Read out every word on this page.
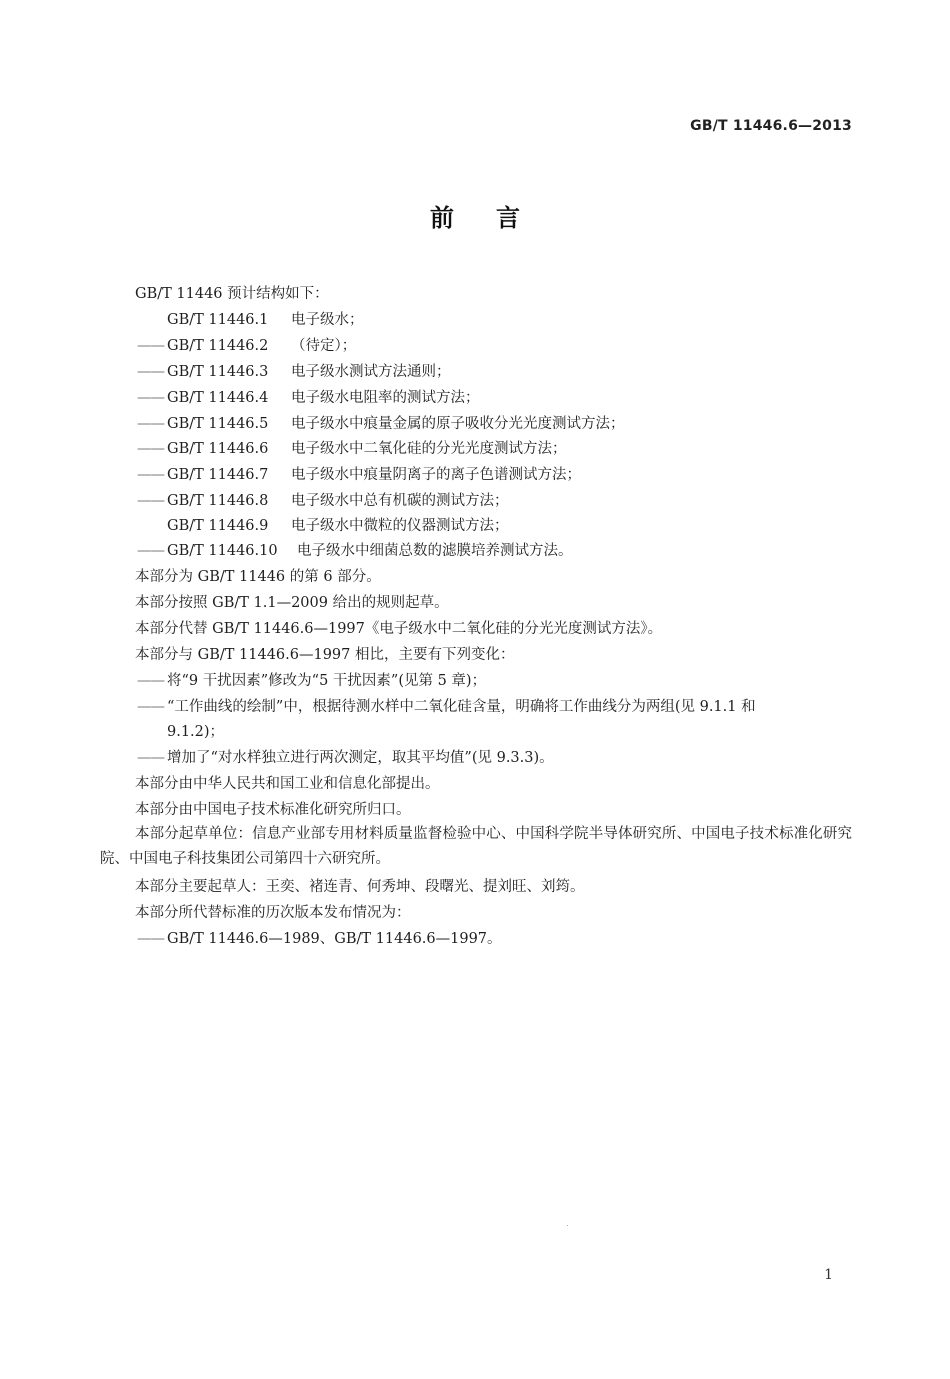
GB/T 11446.6—2013
前言
GB/T 11446 预计结构如下：
GB/T 11446.1 电子级水；
—— GB/T 11446.2 （待定）；
—— GB/T 11446.3 电子级水测试方法通则；
—— GB/T 11446.4 电子级水电阻率的测试方法；
—— GB/T 11446.5 电子级水中痕量金属的原子吸收分光光度测试方法；
—— GB/T 11446.6 电子级水中二氧化硅的分光光度测试方法；
—— GB/T 11446.7 电子级水中痕量阴离子的离子色谱测试方法；
—— GB/T 11446.8 电子级水中总有机碳的测试方法；
GB/T 11446.9 电子级水中微粒的仪器测试方法；
—— GB/T 11446.10 电子级水中细菌总数的滤膜培养测试方法。
本部分为 GB/T 11446 的第 6 部分。
本部分按照 GB/T 1.1—2009 给出的规则起草。
本部分代替 GB/T 11446.6—1997《电子级水中二氧化硅的分光光度测试方法》。
本部分与 GB/T 11446.6—1997 相比，主要有下列变化：
—— 将“9 干扰因素”修改为“5 干扰因素”(见第 5 章)；
—— “工作曲线的绘制”中，根据待测水样中二氧化硅含量，明确将工作曲线分为两组(见 9.1.1 和
9.1.2)；
—— 增加了“对水样独立进行两次测定，取其平均值”(见 9.3.3)。
本部分由中华人民共和国工业和信息化部提出。
本部分由中国电子技术标准化研究所归口。
本部分起草单位：信息产业部专用材料质量监督检验中心、中国科学院半导体研究所、中国电子技术标准化研究院、中国电子科技集团公司第四十六研究所。
本部分主要起草人：王奕、褚连青、何秀坤、段曙光、提刘旺、刘筠。
本部分所代替标准的历次版本发布情况为：
—— GB/T 11446.6—1989、GB/T 11446.6—1997。
1
